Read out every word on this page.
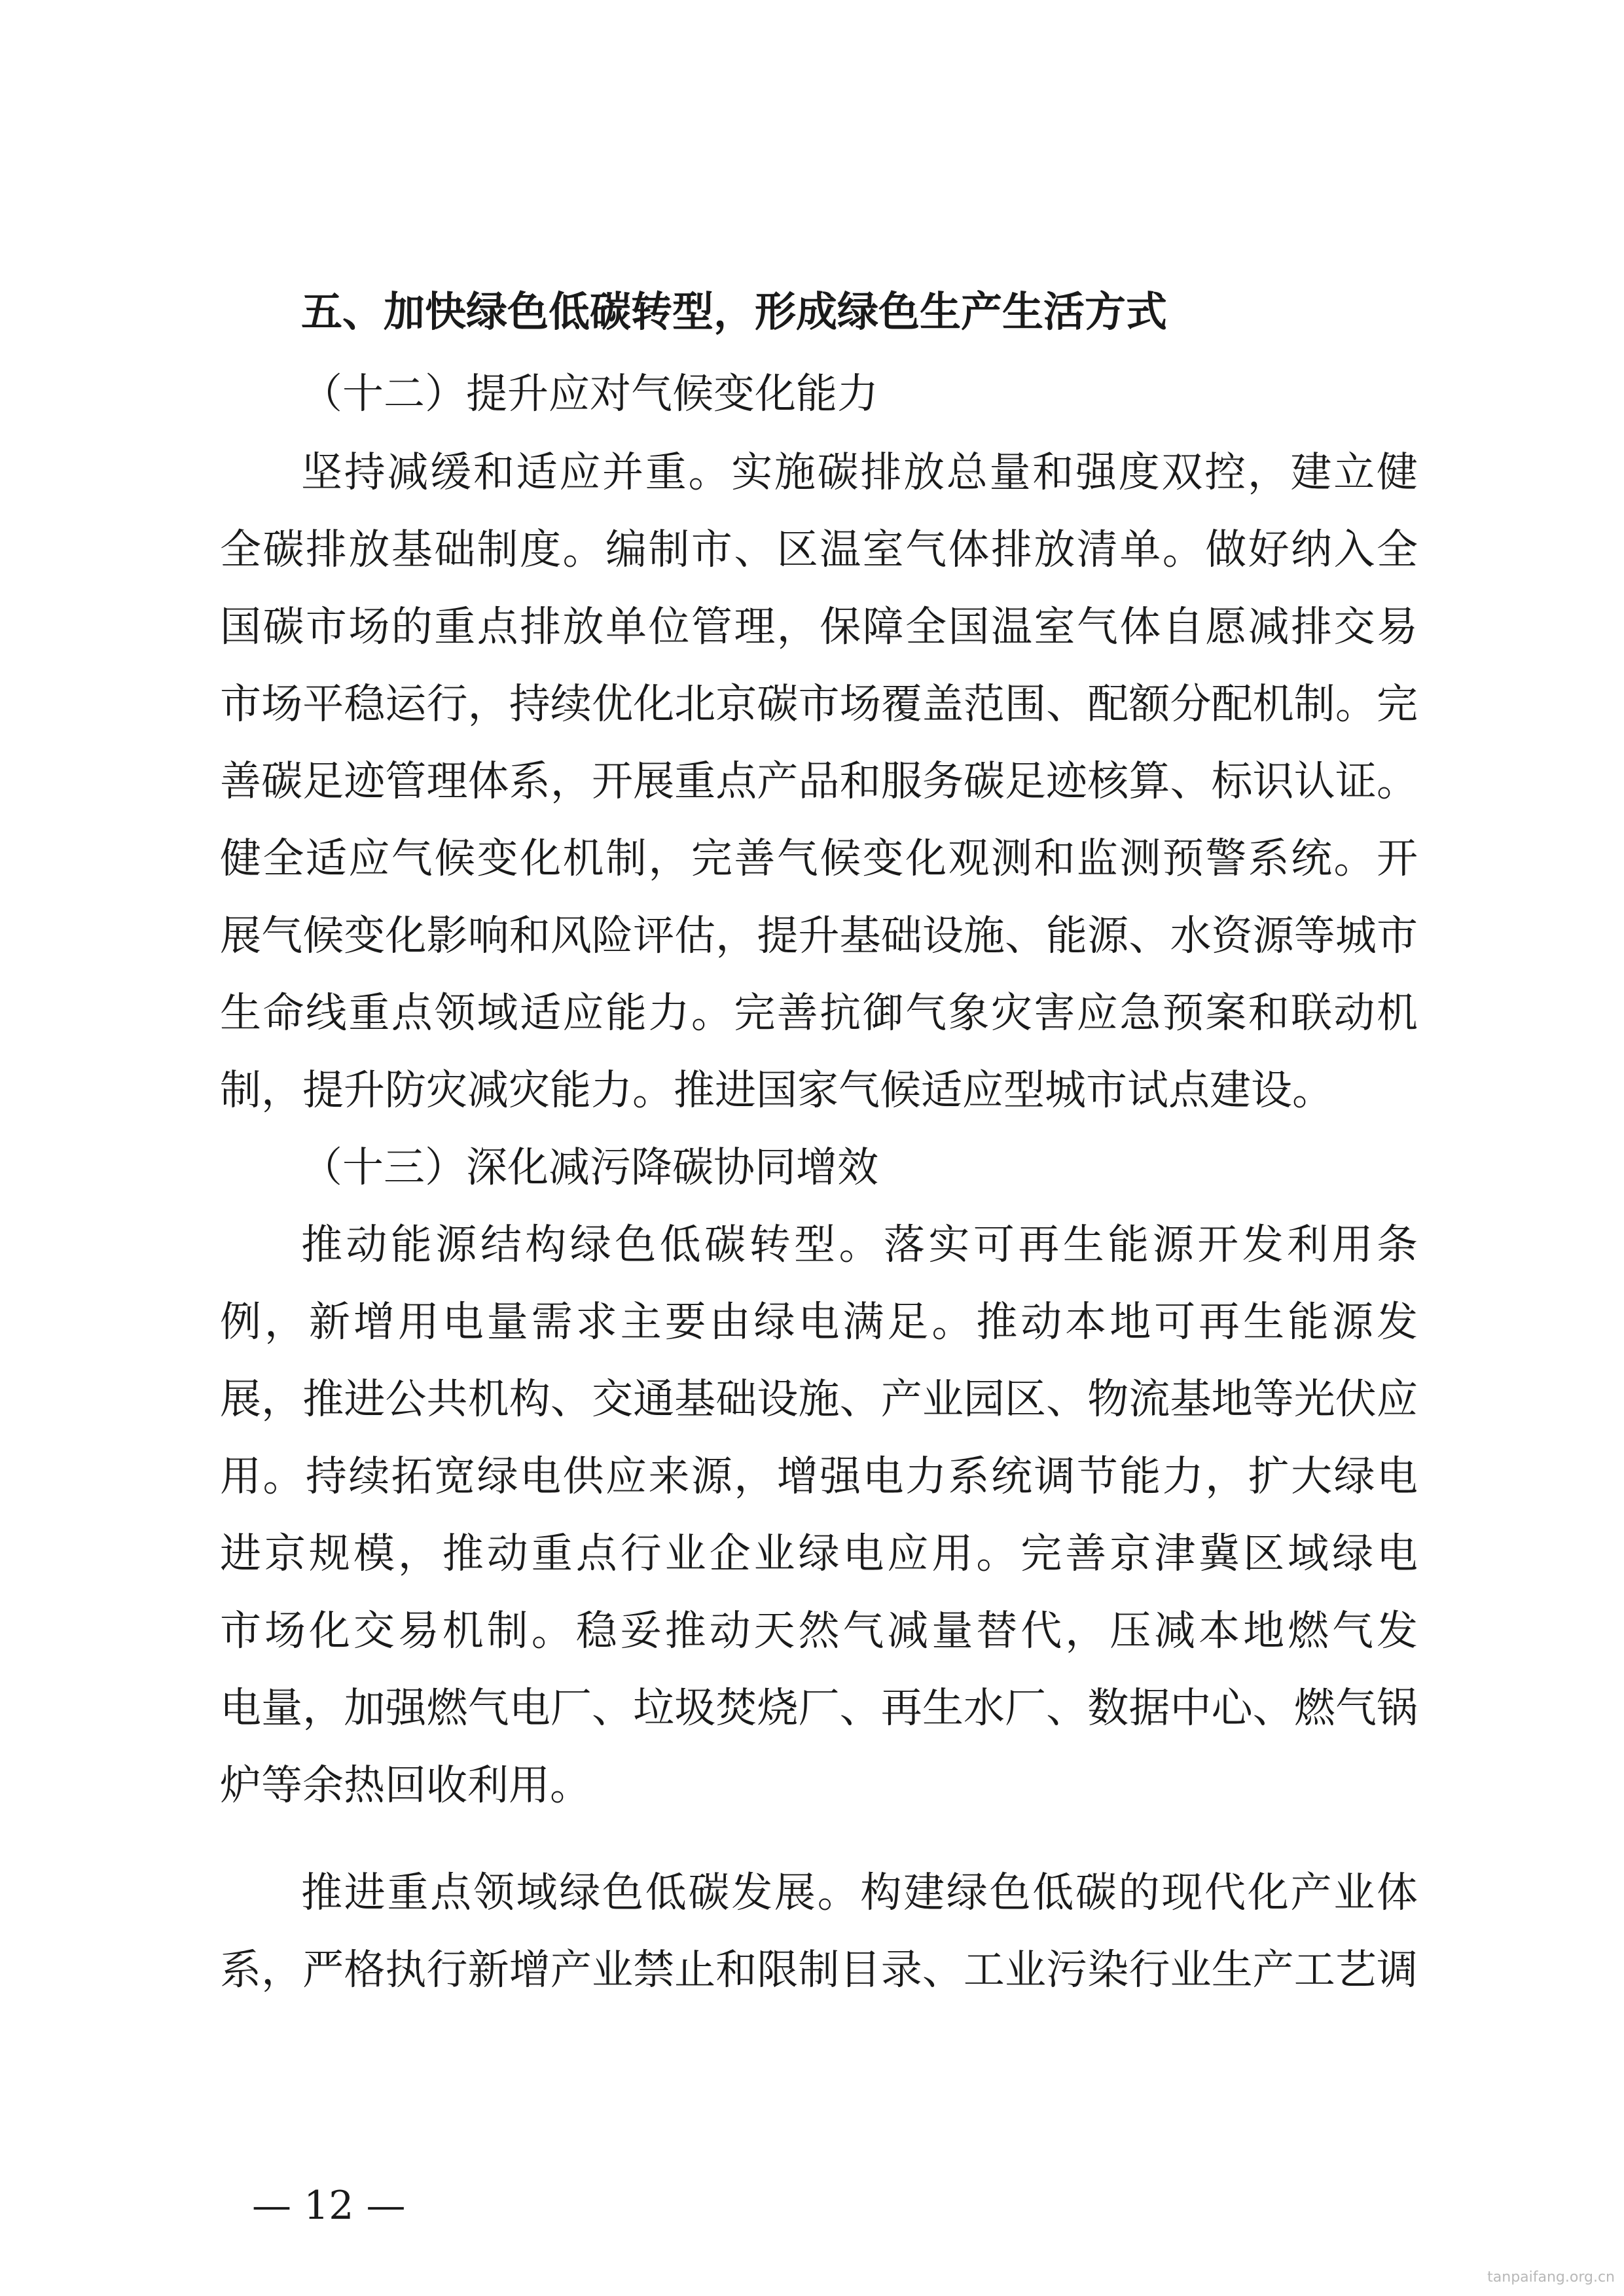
五、加快绿色低碳转型，形成绿色生产生活方式
（十二）提升应对气候变化能力
坚持减缓和适应并重。实施碳排放总量和强度双控，建立健
全碳排放基础制度。编制市、区温室气体排放清单。做好纳入全
国碳市场的重点排放单位管理，保障全国温室气体自愿减排交易
市场平稳运行，持续优化北京碳市场覆盖范围、配额分配机制。完
善碳足迹管理体系，开展重点产品和服务碳足迹核算、标识认证。
健全适应气候变化机制，完善气候变化观测和监测预警系统。开
展气候变化影响和风险评估，提升基础设施、能源、水资源等城市
生命线重点领域适应能力。完善抗御气象灾害应急预案和联动机
制，提升防灾减灾能力。推进国家气候适应型城市试点建设。
（十三）深化减污降碳协同增效
推动能源结构绿色低碳转型。落实可再生能源开发利用条
例，新增用电量需求主要由绿电满足。推动本地可再生能源发
展，推进公共机构、交通基础设施、产业园区、物流基地等光伏应
用。持续拓宽绿电供应来源，增强电力系统调节能力，扩大绿电
进京规模，推动重点行业企业绿电应用。完善京津冀区域绿电
市场化交易机制。稳妥推动天然气减量替代，压减本地燃气发
电量，加强燃气电厂、垃圾焚烧厂、再生水厂、数据中心、燃气锅
炉等余热回收利用。
推进重点领域绿色低碳发展。构建绿色低碳的现代化产业体
系，严格执行新增产业禁止和限制目录、工业污染行业生产工艺调
— 12 —
tanpaifang.org.cn
